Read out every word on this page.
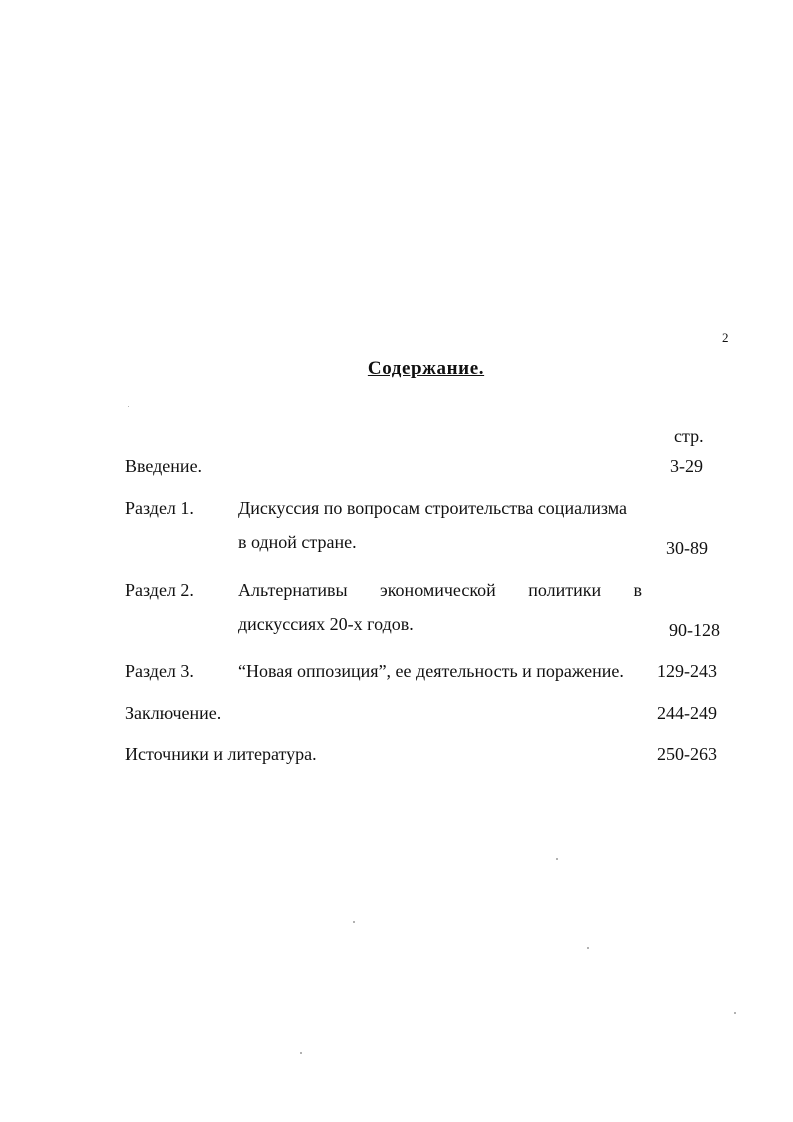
2
Содержание.
стр.
Введение.	3-29
Раздел 1. Дискуссия по вопросам строительства социализма
в одной стране.	30-89
Раздел 2. Альтернативы экономической политики в
дискуссиях 20-х годов.	90-128
Раздел 3. “Новая оппозиция”, ее деятельность и поражение.	129-243
Заключение.	244-249
Источники и литература.	250-263
